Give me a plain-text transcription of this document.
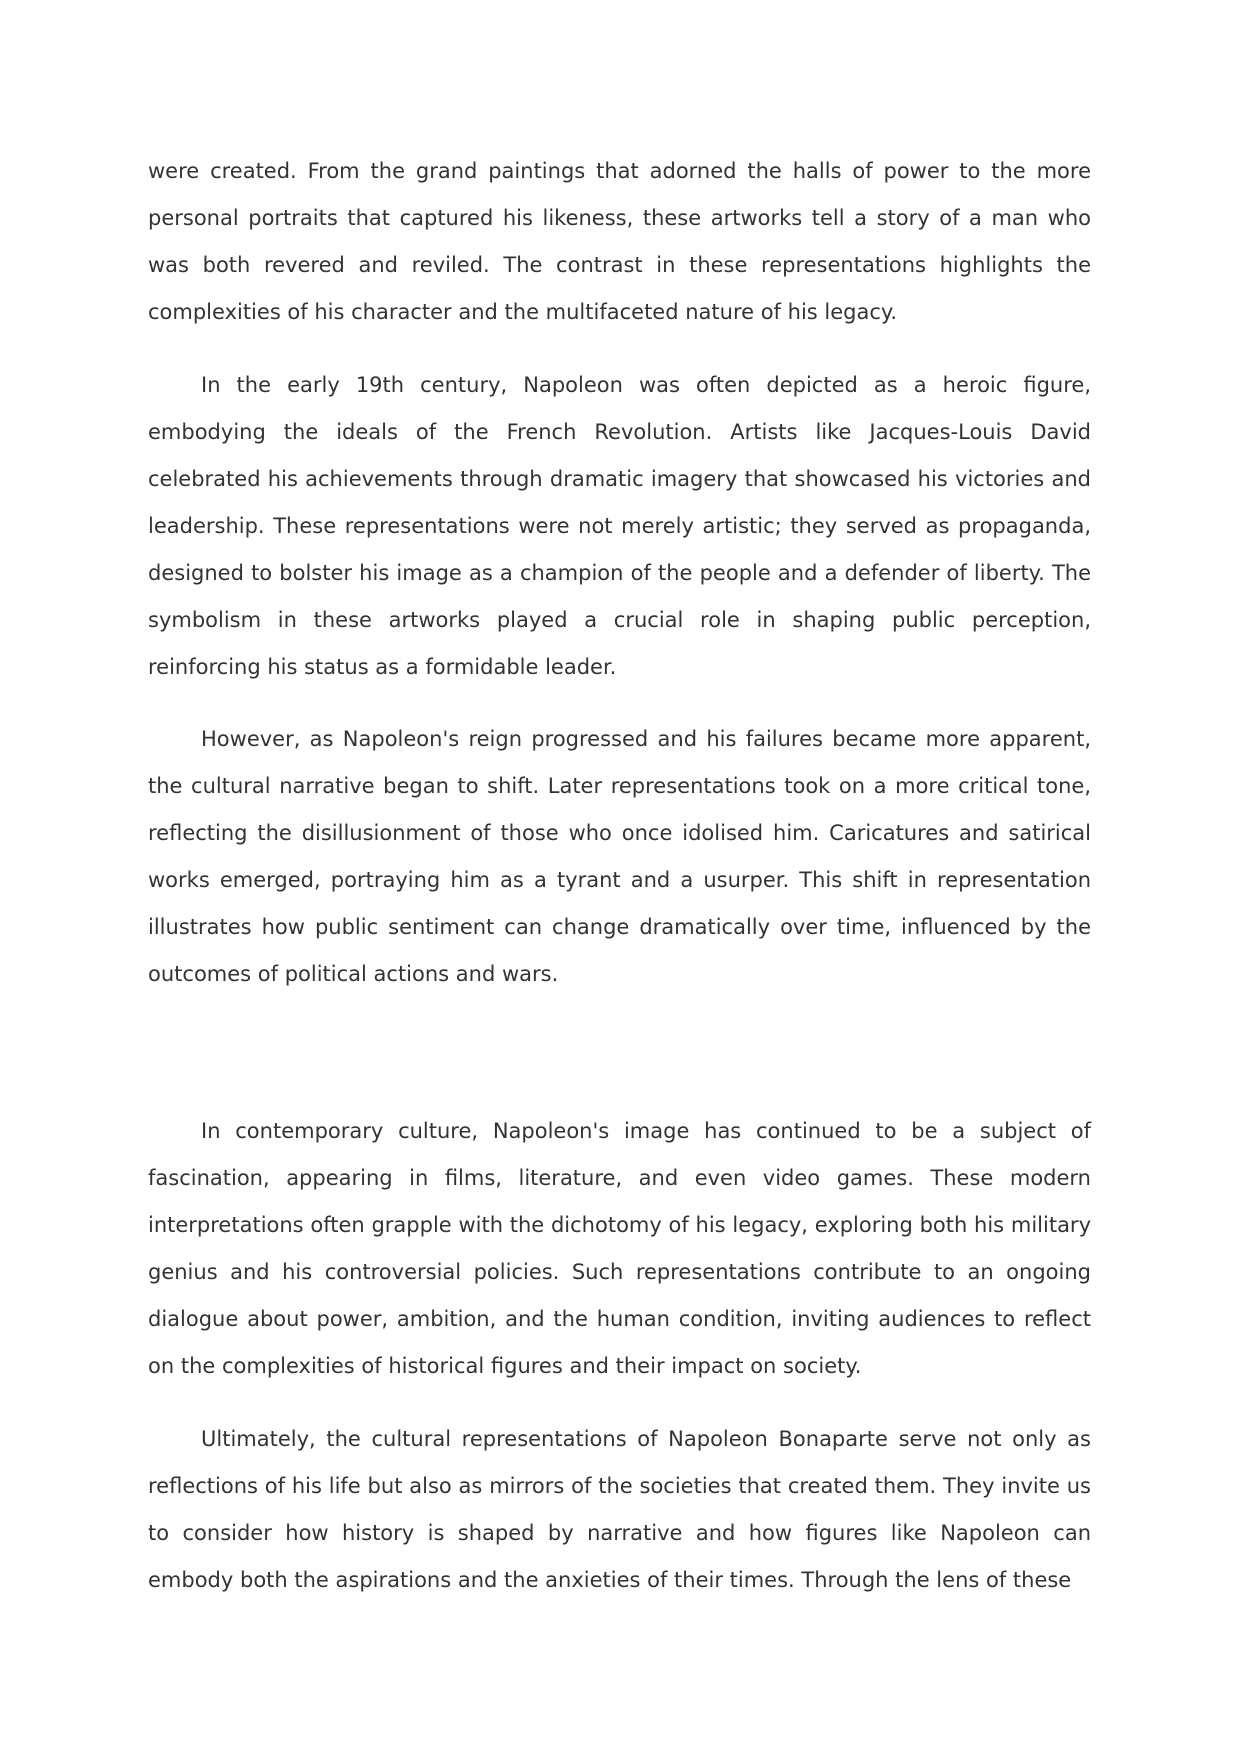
were created. From the grand paintings that adorned the halls of power to the more personal portraits that captured his likeness, these artworks tell a story of a man who was both revered and reviled. The contrast in these representations highlights the complexities of his character and the multifaceted nature of his legacy.

In the early 19th century, Napoleon was often depicted as a heroic figure, embodying the ideals of the French Revolution. Artists like Jacques-Louis David celebrated his achievements through dramatic imagery that showcased his victories and leadership. These representations were not merely artistic; they served as propaganda, designed to bolster his image as a champion of the people and a defender of liberty. The symbolism in these artworks played a crucial role in shaping public perception, reinforcing his status as a formidable leader.

However, as Napoleon's reign progressed and his failures became more apparent, the cultural narrative began to shift. Later representations took on a more critical tone, reflecting the disillusionment of those who once idolised him. Caricatures and satirical works emerged, portraying him as a tyrant and a usurper. This shift in representation illustrates how public sentiment can change dramatically over time, influenced by the outcomes of political actions and wars.

In contemporary culture, Napoleon's image has continued to be a subject of fascination, appearing in films, literature, and even video games. These modern interpretations often grapple with the dichotomy of his legacy, exploring both his military genius and his controversial policies. Such representations contribute to an ongoing dialogue about power, ambition, and the human condition, inviting audiences to reflect on the complexities of historical figures and their impact on society.

Ultimately, the cultural representations of Napoleon Bonaparte serve not only as reflections of his life but also as mirrors of the societies that created them. They invite us to consider how history is shaped by narrative and how figures like Napoleon can embody both the aspirations and the anxieties of their times. Through the lens of these
